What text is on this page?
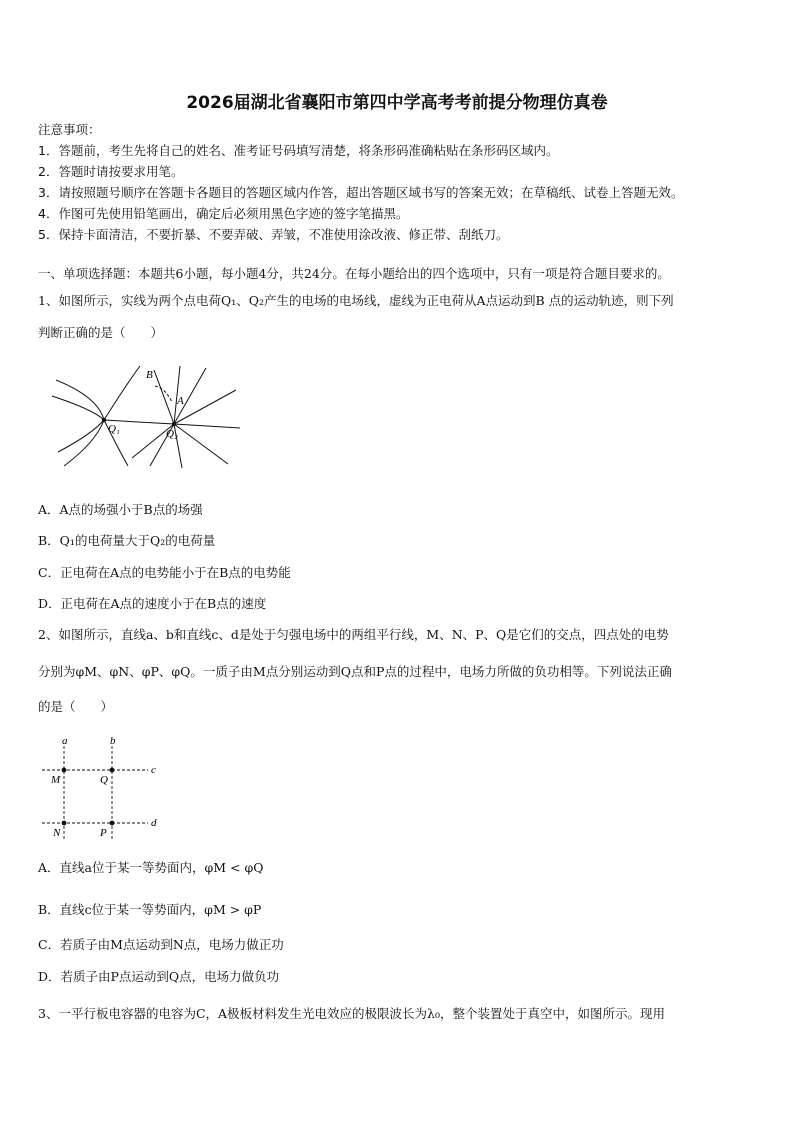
2026届湖北省襄阳市第四中学高考考前提分物理仿真卷
注意事项：
1．答题前，考生先将自己的姓名、准考证号码填写清楚，将条形码准确粘贴在条形码区域内。
2．答题时请按要求用笔。
3．请按照题号顺序在答题卡各题目的答题区域内作答，超出答题区域书写的答案无效；在草稿纸、试卷上答题无效。
4．作图可先使用铅笔画出，确定后必须用黑色字迹的签字笔描黑。
5．保持卡面清洁，不要折暴、不要弄破、弄皱，不准使用涂改液、修正带、刮纸刀。
一、单项选择题：本题共6小题，每小题4分，共24分。在每小题给出的四个选项中，只有一项是符合题目要求的。
1、如图所示，实线为两个点电荷Q₁、Q₂产生的电场的电场线，虚线为正电荷从A点运动到B 点的运动轨迹，则下列
判断正确的是（　　）
B
A
Q₁	Q₂
A．A点的场强小于B点的场强
B．Q₁的电荷量大于Q₂的电荷量
C．正电荷在A点的电势能小于在B点的电势能
D．正电荷在A点的速度小于在B点的速度
2、如图所示，直线a、b和直线c、d是处于匀强电场中的两组平行线，M、N、P、Q是它们的交点，四点处的电势
分别为φM、φN、φP、φQ。一质子由M点分别运动到Q点和P点的过程中，电场力所做的负功相等。下列说法正确
的是（　　）
a	b
c
d
M	Q
N	P
A．直线a位于某一等势面内，φM < φQ
B．直线c位于某一等势面内，φM > φP
C．若质子由M点运动到N点，电场力做正功
D．若质子由P点运动到Q点，电场力做负功
3、一平行板电容器的电容为C，A极板材料发生光电效应的极限波长为λ₀，整个装置处于真空中，如图所示。现用
